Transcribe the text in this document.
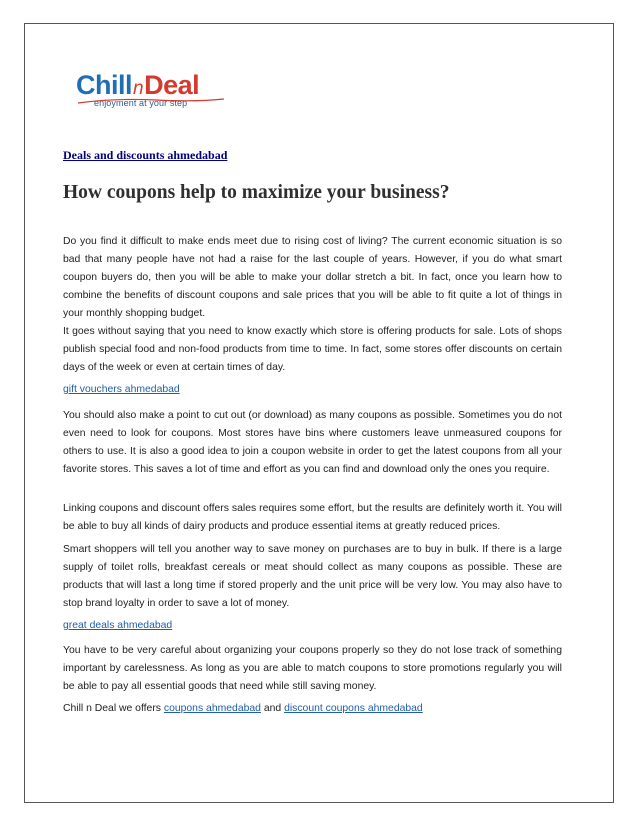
ChillnDeal
enjoyment at your step
Deals and discounts ahmedabad
How coupons help to maximize your business?

Do you find it difficult to make ends meet due to rising cost of living? The current economic situation is so bad that many people have not had a raise for the last couple of years. However, if you do what smart coupon buyers do, then you will be able to make your dollar stretch a bit. In fact, once you learn how to combine the benefits of discount coupons and sale prices that you will be able to fit quite a lot of things in your monthly shopping budget.

It goes without saying that you need to know exactly which store is offering products for sale. Lots of shops publish special food and non-food products from time to time. In fact, some stores offer discounts on certain days of the week or even at certain times of day.

gift vouchers ahmedabad

You should also make a point to cut out (or download) as many coupons as possible. Sometimes you do not even need to look for coupons. Most stores have bins where customers leave unmeasured coupons for others to use. It is also a good idea to join a coupon website in order to get the latest coupons from all your favorite stores. This saves a lot of time and effort as you can find and download only the ones you require.

Linking coupons and discount offers sales requires some effort, but the results are definitely worth it. You will be able to buy all kinds of dairy products and produce essential items at greatly reduced prices.

Smart shoppers will tell you another way to save money on purchases are to buy in bulk. If there is a large supply of toilet rolls, breakfast cereals or meat should collect as many coupons as possible. These are products that will last a long time if stored properly and the unit price will be very low. You may also have to stop brand loyalty in order to save a lot of money.

great deals ahmedabad

You have to be very careful about organizing your coupons properly so they do not lose track of something important by carelessness. As long as you are able to match coupons to store promotions regularly you will be able to pay all essential goods that need while still saving money.

Chill n Deal we offers coupons ahmedabad and discount coupons ahmedabad
